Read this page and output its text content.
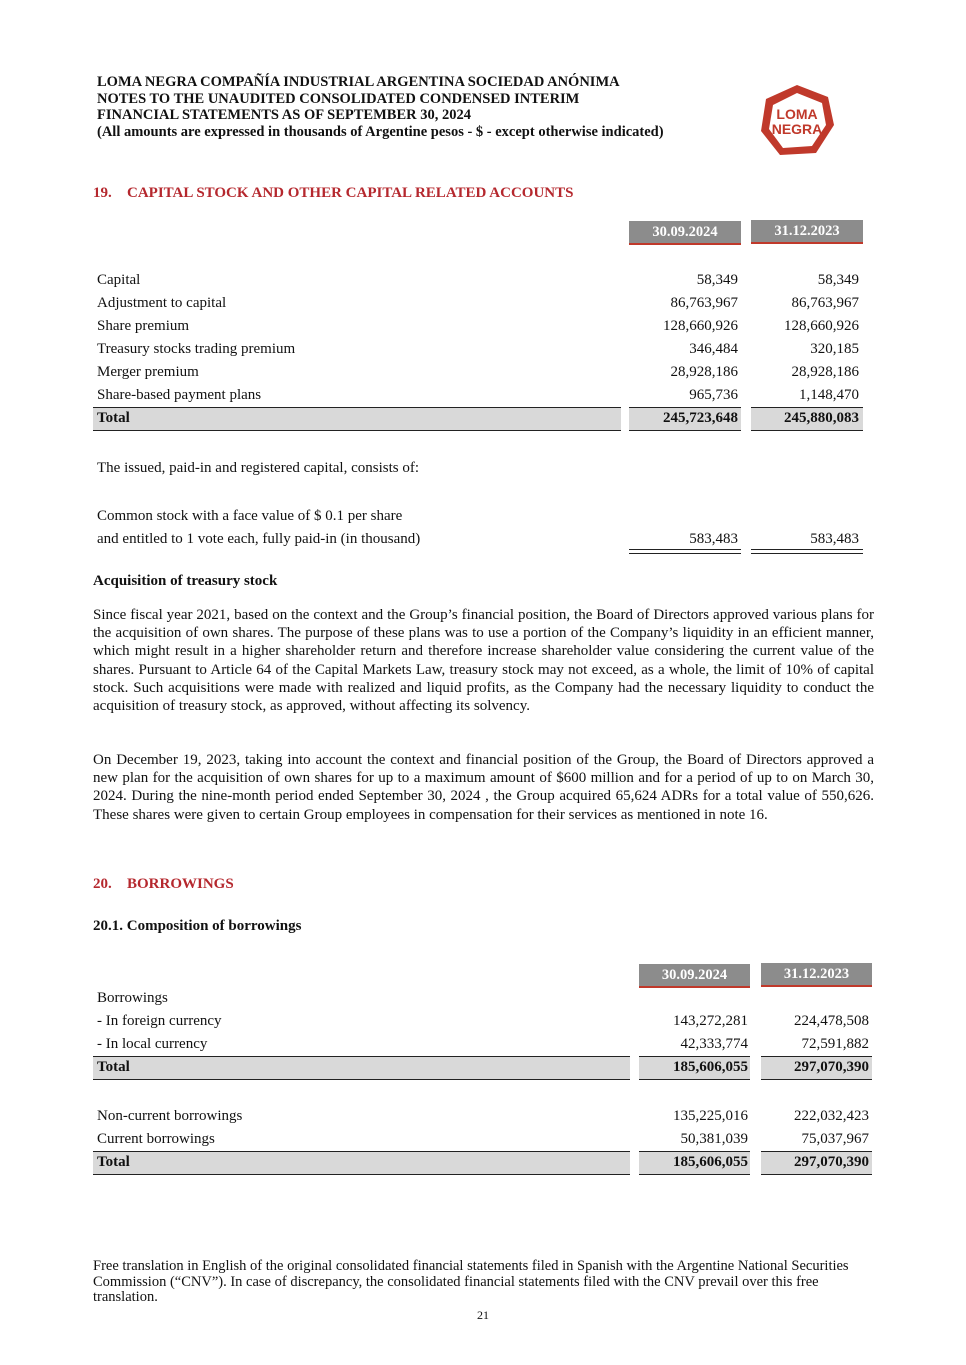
LOMA NEGRA COMPAÑÍA INDUSTRIAL ARGENTINA SOCIEDAD ANÓNIMA
NOTES TO THE UNAUDITED CONSOLIDATED CONDENSED INTERIM
FINANCIAL STATEMENTS AS OF SEPTEMBER 30, 2024
(All amounts are expressed in thousands of Argentine pesos - $ - except otherwise indicated)
LOMA
NEGRA
19. CAPITAL STOCK AND OTHER CAPITAL RELATED ACCOUNTS
30.09.2024	31.12.2023
Capital	58,349	58,349
Adjustment to capital	86,763,967	86,763,967
Share premium	128,660,926	128,660,926
Treasury stocks trading premium	346,484	320,185
Merger premium	28,928,186	28,928,186
Share-based payment plans	965,736	1,148,470
Total	245,723,648	245,880,083
The issued, paid-in and registered capital, consists of:
Common stock with a face value of $ 0.1 per share
and entitled to 1 vote each, fully paid-in (in thousand)	583,483	583,483
Acquisition of treasury stock

Since fiscal year 2021, based on the context and the Group’s financial position, the Board of Directors approved various plans for the acquisition of own shares. The purpose of these plans was to use a portion of the Company’s liquidity in an efficient manner, which might result in a higher shareholder return and therefore increase shareholder value considering the current value of the shares. Pursuant to Article 64 of the Capital Markets Law, treasury stock may not exceed, as a whole, the limit of 10% of capital stock. Such acquisitions were made with realized and liquid profits, as the Company had the necessary liquidity to conduct the acquisition of treasury stock, as approved, without affecting its solvency.

On December 19, 2023, taking into account the context and financial position of the Group, the Board of Directors approved a new plan for the acquisition of own shares for up to a maximum amount of $600 million and for a period of up to on March 30, 2024. During the nine-month period ended September 30, 2024 , the Group acquired 65,624 ADRs for a total value of 550,626. These shares were given to certain Group employees in compensation for their services as mentioned in note 16.

20. BORROWINGS
20.1. Composition of borrowings
30.09.2024	31.12.2023
Borrowings
- In foreign currency	143,272,281	224,478,508
- In local currency	42,333,774	72,591,882
Total	185,606,055	297,070,390
Non-current borrowings	135,225,016	222,032,423
Current borrowings	50,381,039	75,037,967
Total	185,606,055	297,070,390

Free translation in English of the original consolidated financial statements filed in Spanish with the Argentine National Securities Commission (“CNV”). In case of discrepancy, the consolidated financial statements filed with the CNV prevail over this free translation.

21
